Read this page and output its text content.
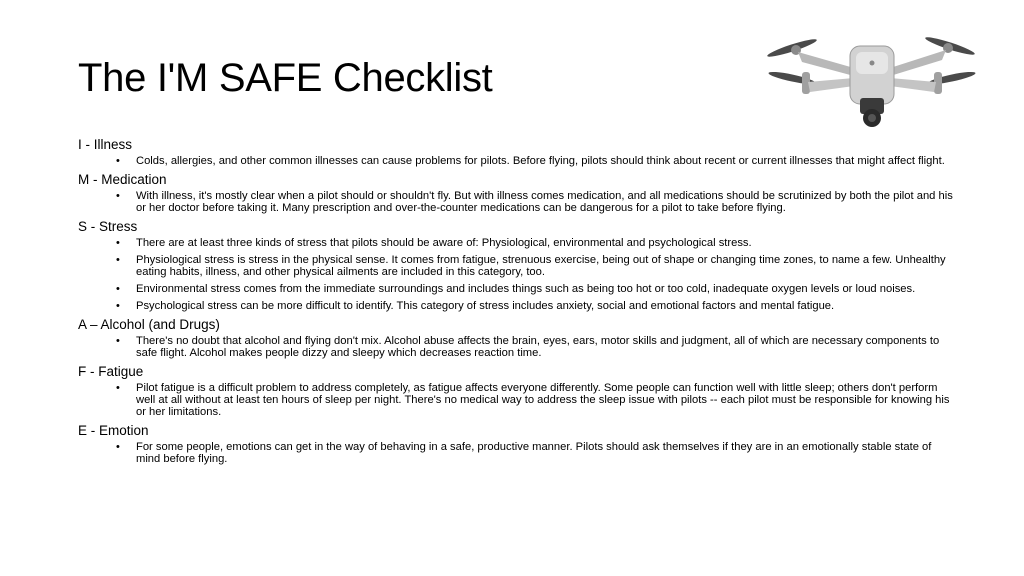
The I'M SAFE Checklist
I - Illness
• Colds, allergies, and other common illnesses can cause problems for pilots. Before flying, pilots should think about recent or current illnesses that might affect flight.
M - Medication
• With illness, it's mostly clear when a pilot should or shouldn't fly. But with illness comes medication, and all medications should be scrutinized by both the pilot and his or her doctor before taking it. Many prescription and over-the-counter medications can be dangerous for a pilot to take before flying.
S - Stress
• There are at least three kinds of stress that pilots should be aware of: Physiological, environmental and psychological stress.
• Physiological stress is stress in the physical sense. It comes from fatigue, strenuous exercise, being out of shape or changing time zones, to name a few. Unhealthy eating habits, illness, and other physical ailments are included in this category, too.
• Environmental stress comes from the immediate surroundings and includes things such as being too hot or too cold, inadequate oxygen levels or loud noises.
• Psychological stress can be more difficult to identify. This category of stress includes anxiety, social and emotional factors and mental fatigue.
A – Alcohol (and Drugs)
• There's no doubt that alcohol and flying don't mix. Alcohol abuse affects the brain, eyes, ears, motor skills and judgment, all of which are necessary components to safe flight. Alcohol makes people dizzy and sleepy which decreases reaction time.
F - Fatigue
• Pilot fatigue is a difficult problem to address completely, as fatigue affects everyone differently. Some people can function well with little sleep; others don't perform well at all without at least ten hours of sleep per night. There's no medical way to address the sleep issue with pilots -- each pilot must be responsible for knowing his or her limitations.
E - Emotion
• For some people, emotions can get in the way of behaving in a safe, productive manner. Pilots should ask themselves if they are in an emotionally stable state of mind before flying.
